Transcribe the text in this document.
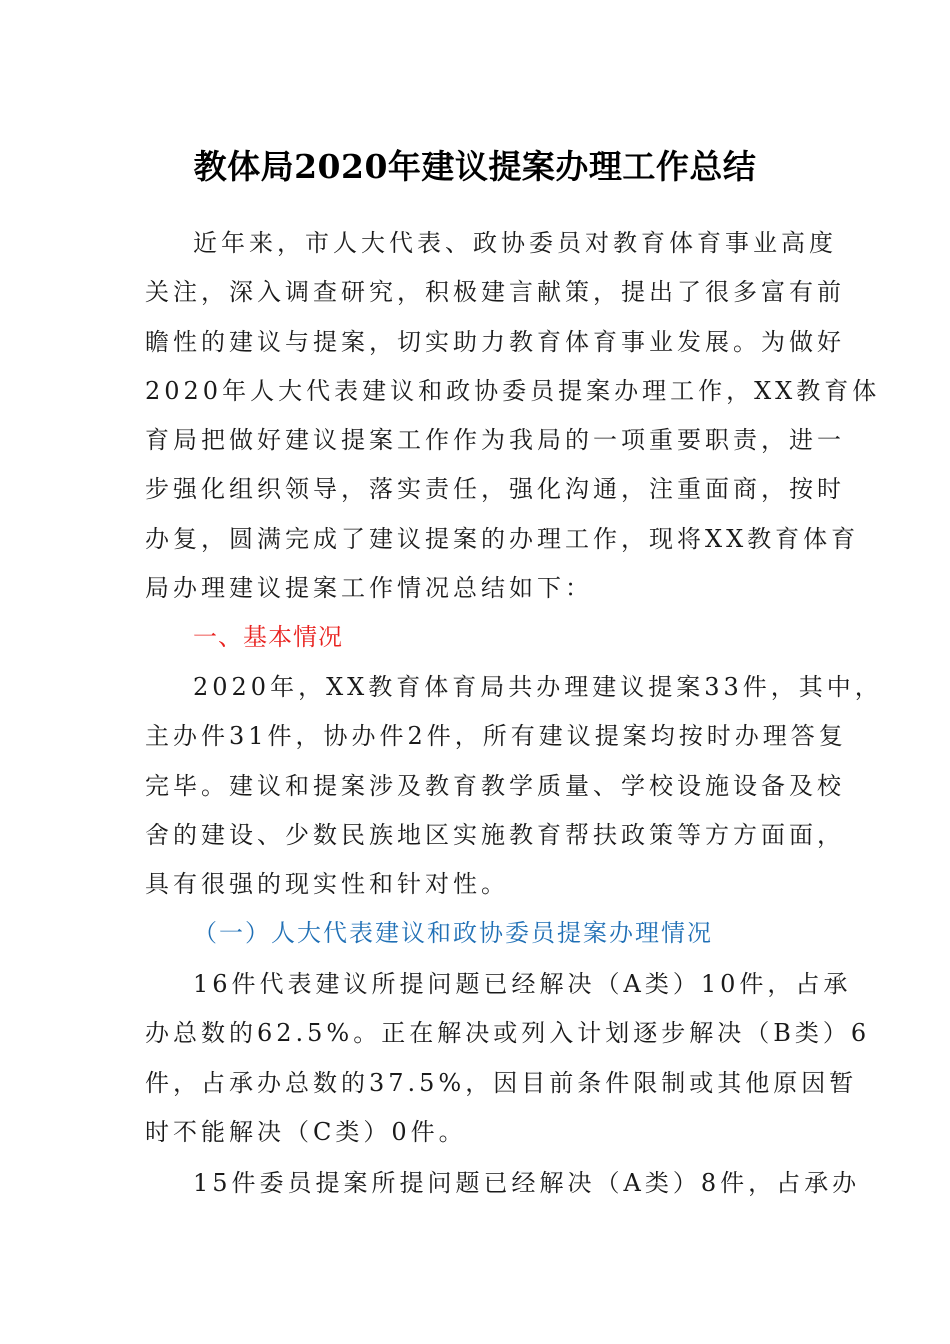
教体局2020年建议提案办理工作总结
近年来，市人大代表、政协委员对教育体育事业高度
关注，深入调查研究，积极建言献策，提出了很多富有前
瞻性的建议与提案，切实助力教育体育事业发展。为做好
2020年人大代表建议和政协委员提案办理工作，XX教育体
育局把做好建议提案工作作为我局的一项重要职责，进一
步强化组织领导，落实责任，强化沟通，注重面商，按时
办复，圆满完成了建议提案的办理工作，现将XX教育体育
局办理建议提案工作情况总结如下：
一、基本情况
2020年，XX教育体育局共办理建议提案33件，其中，
主办件31件，协办件2件，所有建议提案均按时办理答复
完毕。建议和提案涉及教育教学质量、学校设施设备及校
舍的建设、少数民族地区实施教育帮扶政策等方方面面，
具有很强的现实性和针对性。
（一）人大代表建议和政协委员提案办理情况
16件代表建议所提问题已经解决（A类）10件，占承
办总数的62.5%。正在解决或列入计划逐步解决（B类）6
件，占承办总数的37.5%，因目前条件限制或其他原因暂
时不能解决（C类）0件。
15件委员提案所提问题已经解决（A类）8件，占承办
